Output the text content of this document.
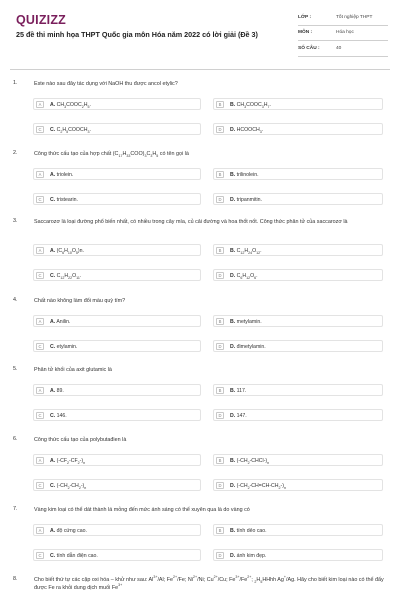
QUIZIZZ
25 đề thi minh họa THPT Quốc gia môn Hóa năm 2022 có lời giải (Đề 3)
LỚP :	Tốt nghiệp THPT
MÔN :	Hóa học
SỐ CÂU :	40
1.	Este nào sau đây tác dụng với NaOH thu được ancol etylic?
A	A. $CH_3COOC_2H_5$.	B	B. $CH_3COOC_3H_7$.
C	C. $C_2H_5COOCH_3$.	D	D. $HCOOCH_3$.
2.	Công thức cấu tạo của hợp chất $(C_{17}H_{33}COO)_3C_3H_5$ có tên gọi là
A	A. triolein.	B	B. trilinolein.
C	C. tristearin.	D	D. tripanmitin.
3.	Saccarozơ là loại đường phổ biến nhất, có nhiều trong cây mía, củ cải đường và hoa thốt nốt. Công thức phân tử của saccarozơ là
A	A. $(C_6H_{10}O_5)n$.	B	B. $C_{12}H_{24}O_{12}$.
C	C. $C_{12}H_{22}O_{11}$.	D	D. $C_6H_{12}O_6$.
4.	Chất nào không làm đổi màu quỳ tím?
A	A. Anilin.	B	B. metylamin.
C	C. etylamin.	D	D. đimetylamin.
5.	Phân tử khối của axit glutamic là
A	A. 89.	B	B. 117.
C	C. 146.	D	D. 147.
6.	Công thức cấu tạo của polybutađien là
A	A. $(-CF_2-CF_2-)_n$	B	B. $(-CH_2-CHCl-)_n$
C	C. $(-CH_2-CH_2-)_n$	D	D. $(-CH_2-CH=CH-CH_2-)_n$
7.	Vàng kim loại có thể dát thành lá mỏng đến mức ánh sáng có thể xuyên qua là do vàng có
A	A. độ cứng cao.	B	B. tính dẻo cao.
C	C. tính dẫn điện cao.	D	D. ánh kim đẹp.
8.	Cho biết thứ tự các cặp oxi hóa – khử như sau: $Al^{3+}/Al$; $Fe^{2+}/Fe$; $Ni^{2+}/Ni$; $Cu^{2+}/Cu$; $Fe^{3+}/Fe^{2+}$; $_2H_5HHhh$ Ag+/Ag. Hãy cho biết kim loại nào có thể đẩy được Fe ra khỏi dung dịch muối $Fe^{3+}$
